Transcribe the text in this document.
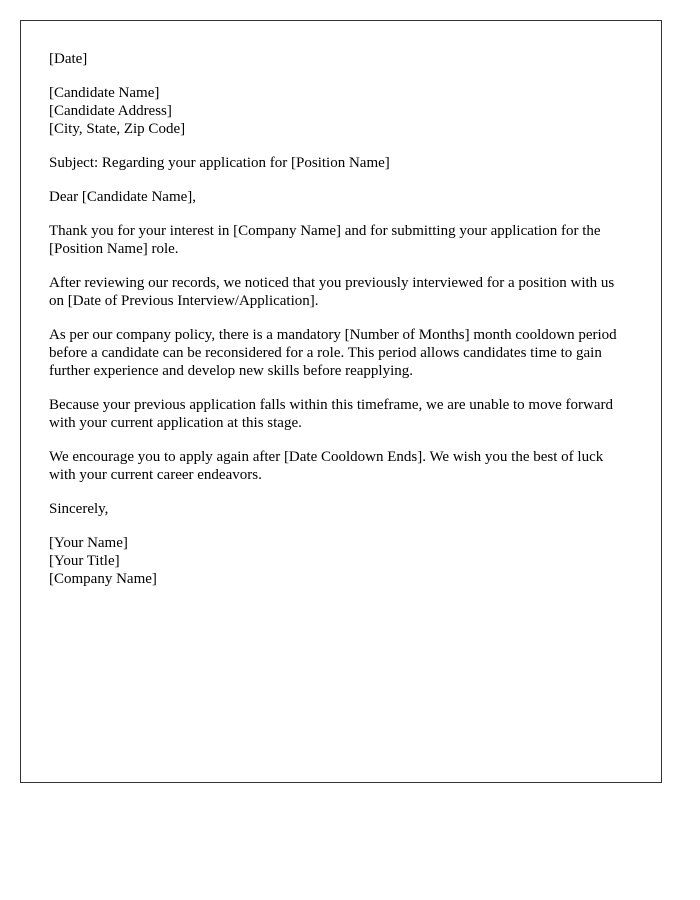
[Date]

[Candidate Name]
[Candidate Address]
[City, State, Zip Code]

Subject: Regarding your application for [Position Name]

Dear [Candidate Name],

Thank you for your interest in [Company Name] and for submitting your application for the [Position Name] role.

After reviewing our records, we noticed that you previously interviewed for a position with us on [Date of Previous Interview/Application].

As per our company policy, there is a mandatory [Number of Months] month cooldown period before a candidate can be reconsidered for a role. This period allows candidates time to gain further experience and develop new skills before reapplying.

Because your previous application falls within this timeframe, we are unable to move forward with your current application at this stage.

We encourage you to apply again after [Date Cooldown Ends]. We wish you the best of luck with your current career endeavors.

Sincerely,

[Your Name]
[Your Title]
[Company Name]
